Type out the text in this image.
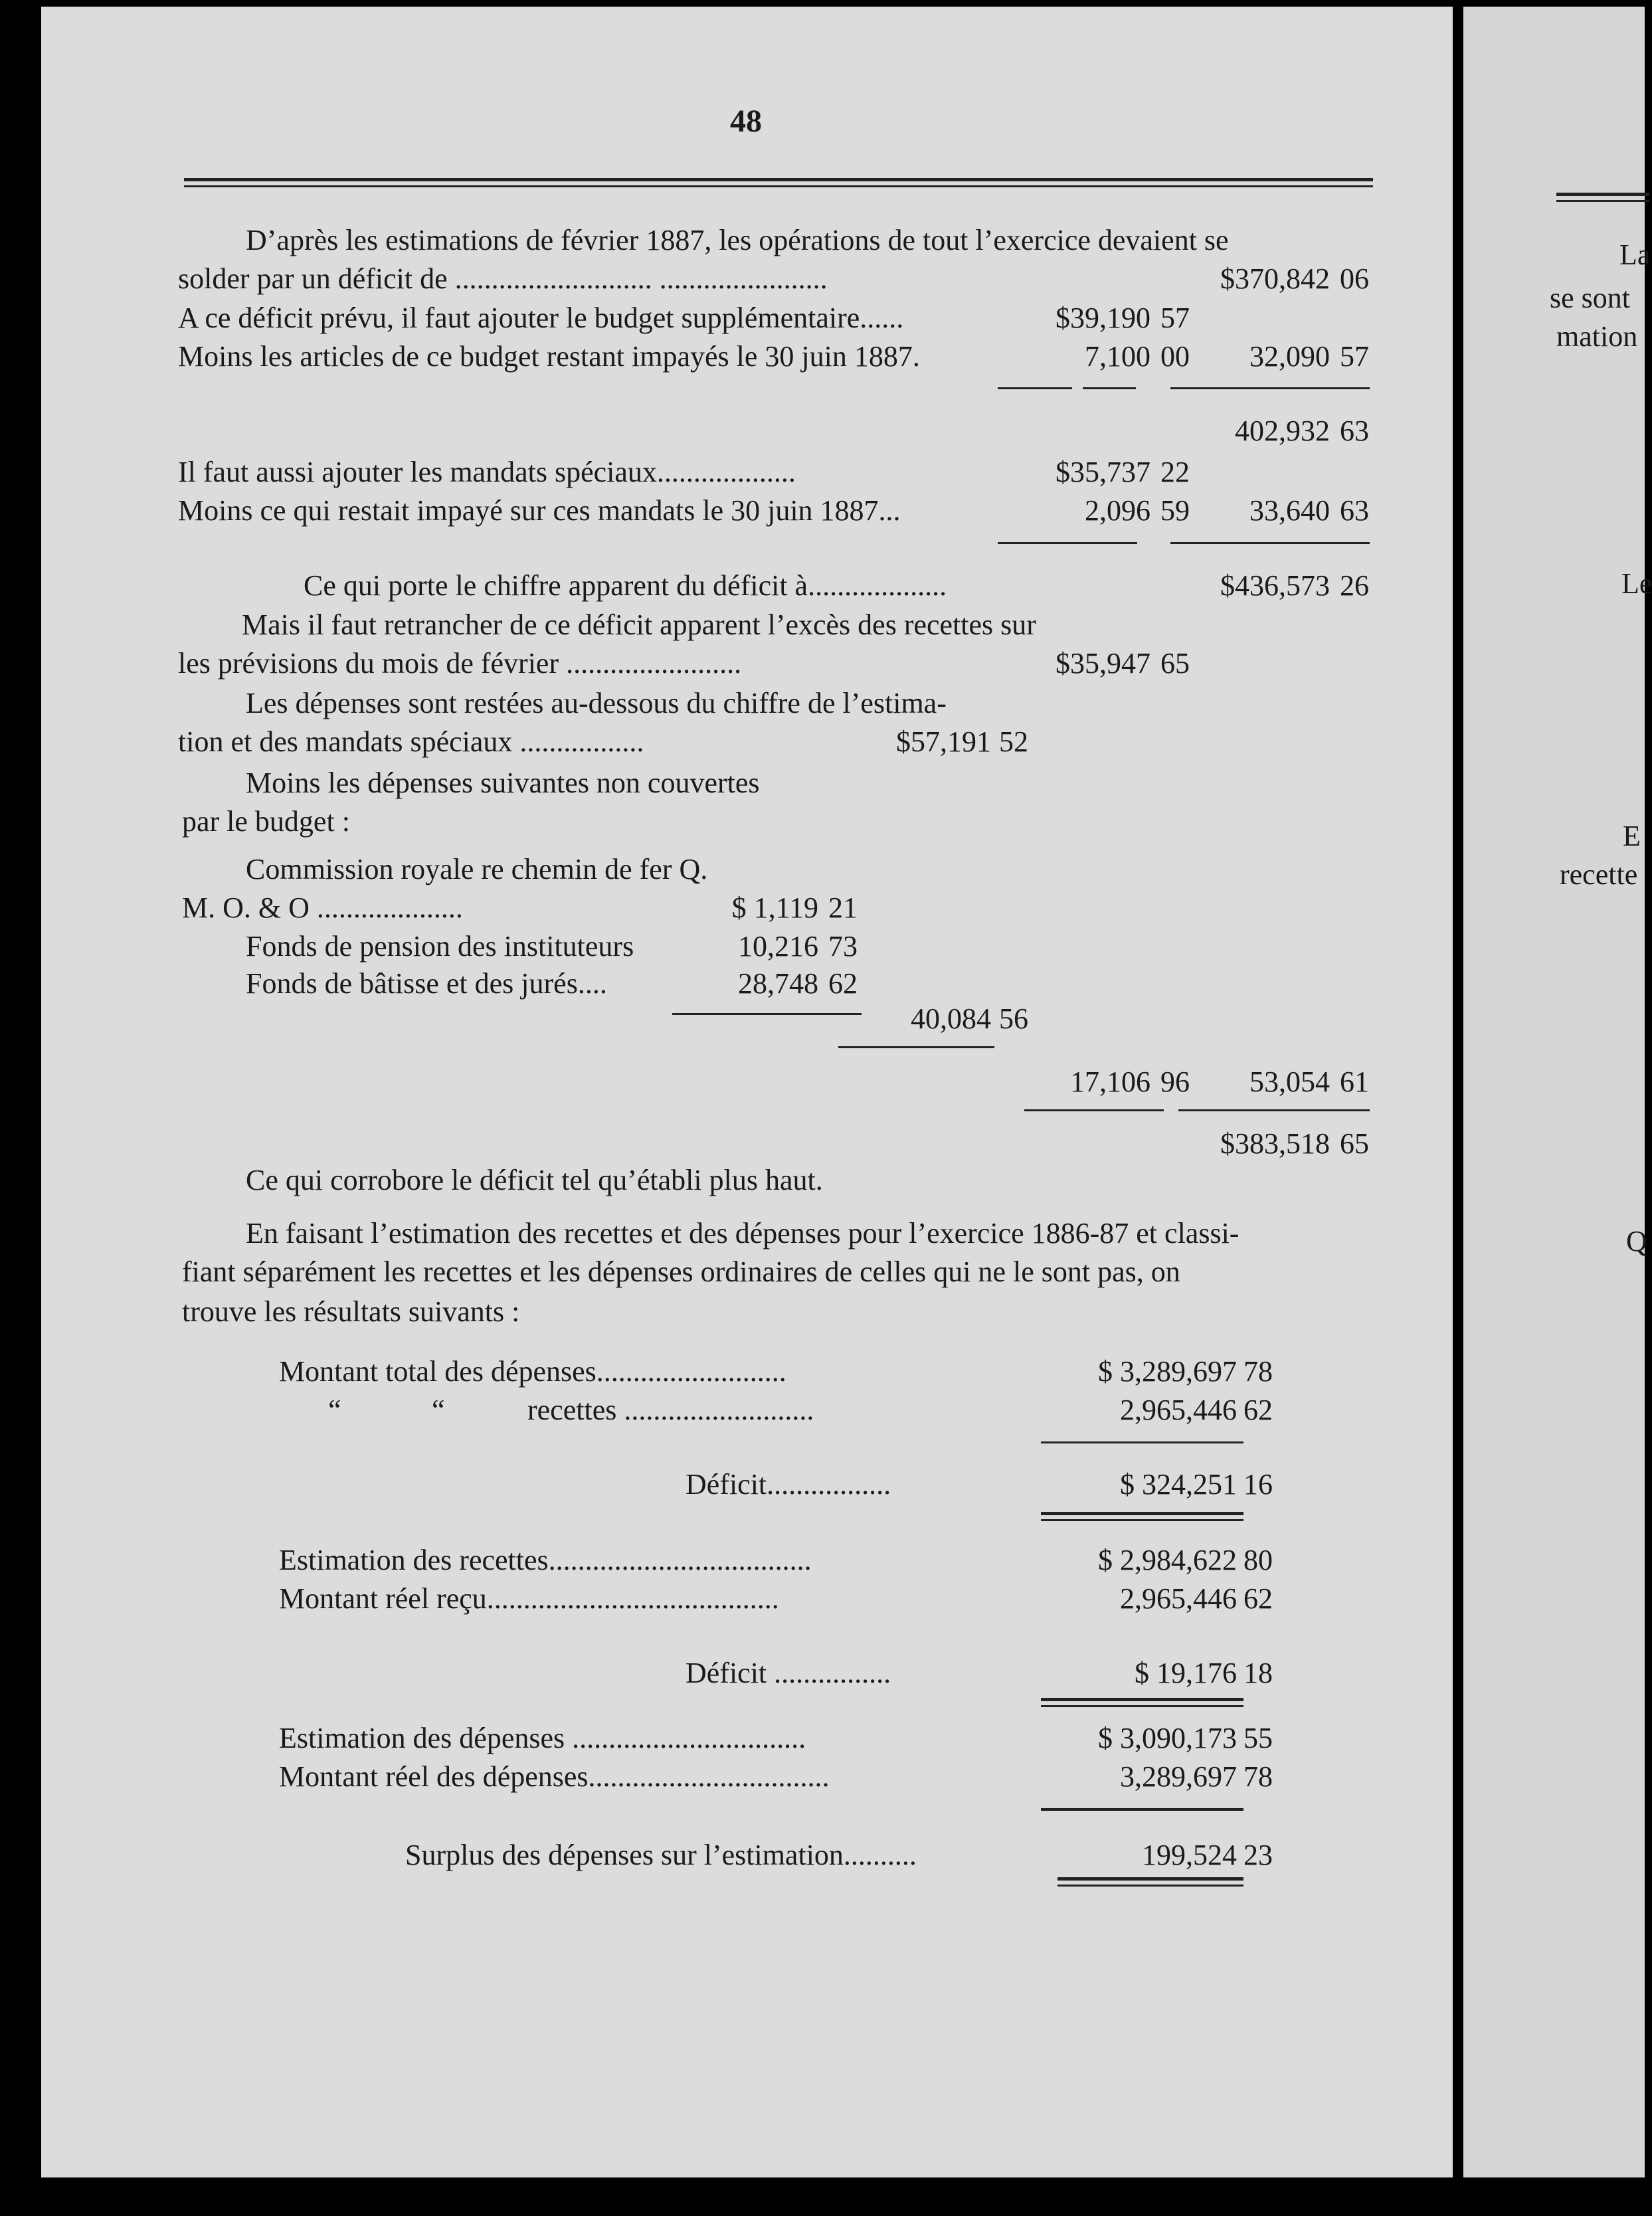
48
D’après les estimations de février 1887, les opérations de tout l’exercice devaient se
solder par un déficit de ........................... .......................	$370,842 06
A ce déficit prévu, il faut ajouter le budget supplémentaire......	$39,190 57
Moins les articles de ce budget restant impayés le 30 juin 1887.	7,100 00	32,090 57
402,932 63
Il faut aussi ajouter les mandats spéciaux...................	$35,737 22
Moins ce qui restait impayé sur ces mandats le 30 juin 1887...	2,096 59	33,640 63
Ce qui porte le chiffre apparent du déficit à...................	$436,573 26
Mais il faut retrancher de ce déficit apparent l’excès des recettes sur
les prévisions du mois de février ........................	$35,947 65
Les dépenses sont restées au-dessous du chiffre de l’estima-
tion et des mandats spéciaux .................	$57,191 52
Moins les dépenses suivantes non couvertes
par le budget :
Commission royale re chemin de fer Q.
M. O. & O ....................	$ 1,119 21
Fonds de pension des instituteurs	10,216 73
Fonds de bâtisse et des jurés....	28,748 62
40,084 56
17,106 96	53,054 61
$383,518 65
Ce qui corrobore le déficit tel qu’établi plus haut.
En faisant l’estimation des recettes et des dépenses pour l’exercice 1886-87 et classi-
fiant séparément les recettes et les dépenses ordinaires de celles qui ne le sont pas, on
trouve les résultats suivants :
Montant total des dépenses..........................	$ 3,289,697 78
“	“	recettes ..........................	2,965,446 62
Déficit.................	$ 324,251 16
Estimation des recettes....................................	$ 2,984,622 80
Montant réel reçu........................................	2,965,446 62
Déficit ................	$ 19,176 18
Estimation des dépenses ................................	$ 3,090,173 55
Montant réel des dépenses.................................	3,289,697 78
Surplus des dépenses sur l’estimation..........	199,524 23
La
se sont
mation
Le
E
recette
Q
